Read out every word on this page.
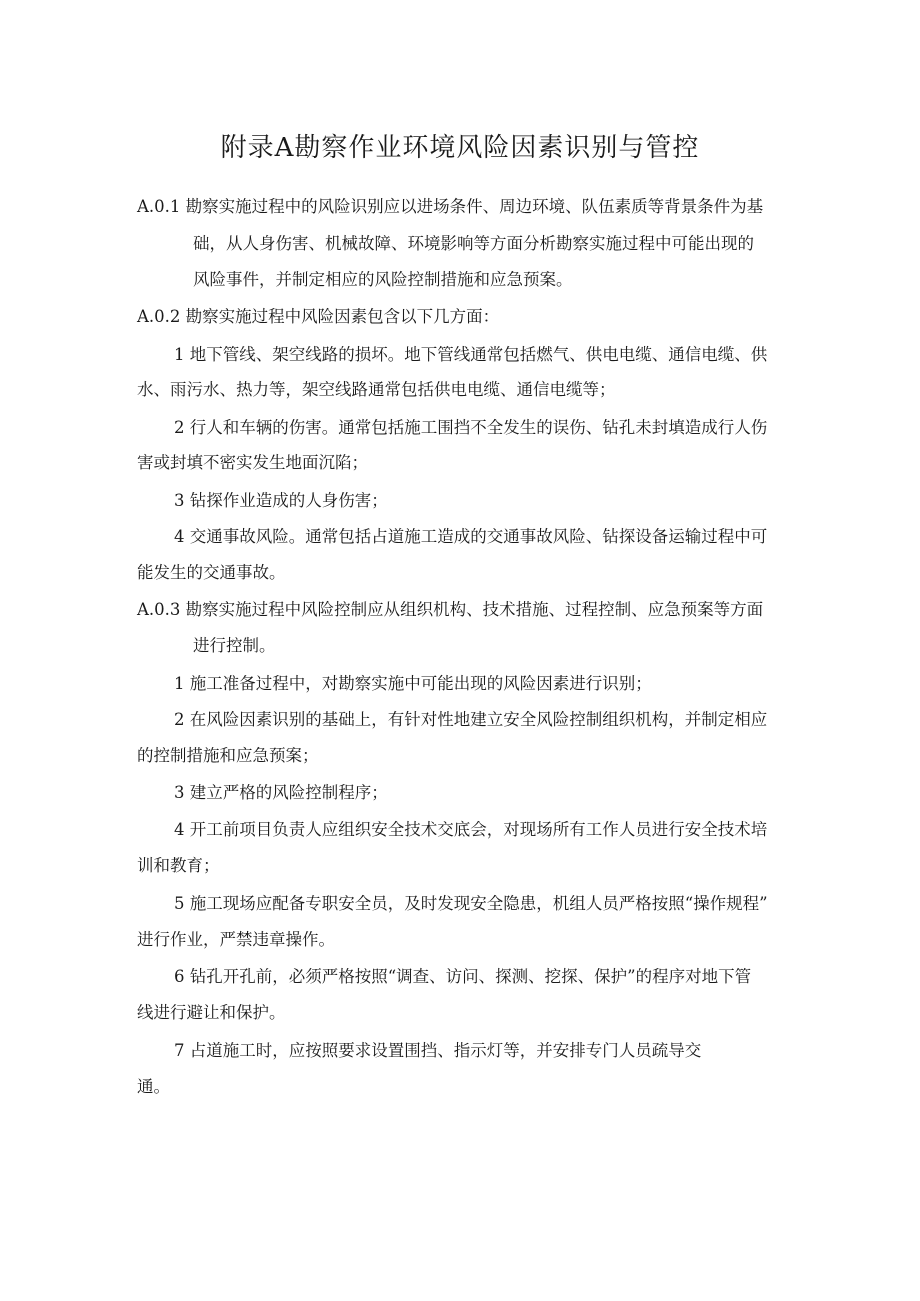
附录A勘察作业环境风险因素识别与管控

A.0.1 勘察实施过程中的风险识别应以进场条件、周边环境、队伍素质等背景条件为基

础，从人身伤害、机械故障、环境影响等方面分析勘察实施过程中可能出现的

风险事件，并制定相应的风险控制措施和应急预案。

A.0.2 勘察实施过程中风险因素包含以下几方面：

1 地下管线、架空线路的损坏。地下管线通常包括燃气、供电电缆、通信电缆、供

水、雨污水、热力等，架空线路通常包括供电电缆、通信电缆等；

2 行人和车辆的伤害。通常包括施工围挡不全发生的误伤、钻孔未封填造成行人伤

害或封填不密实发生地面沉陷；

3 钻探作业造成的人身伤害；

4 交通事故风险。通常包括占道施工造成的交通事故风险、钻探设备运输过程中可

能发生的交通事故。

A.0.3 勘察实施过程中风险控制应从组织机构、技术措施、过程控制、应急预案等方面

进行控制。

1 施工准备过程中，对勘察实施中可能出现的风险因素进行识别；

2 在风险因素识别的基础上，有针对性地建立安全风险控制组织机构，并制定相应

的控制措施和应急预案；

3 建立严格的风险控制程序；

4 开工前项目负责人应组织安全技术交底会，对现场所有工作人员进行安全技术培

训和教育；

5 施工现场应配备专职安全员，及时发现安全隐患，机组人员严格按照“操作规程”

进行作业，严禁违章操作。

6 钻孔开孔前，必须严格按照“调查、访问、探测、挖探、保护”的程序对地下管

线进行避让和保护。

7 占道施工时，应按照要求设置围挡、指示灯等，并安排专门人员疏导交

通。
